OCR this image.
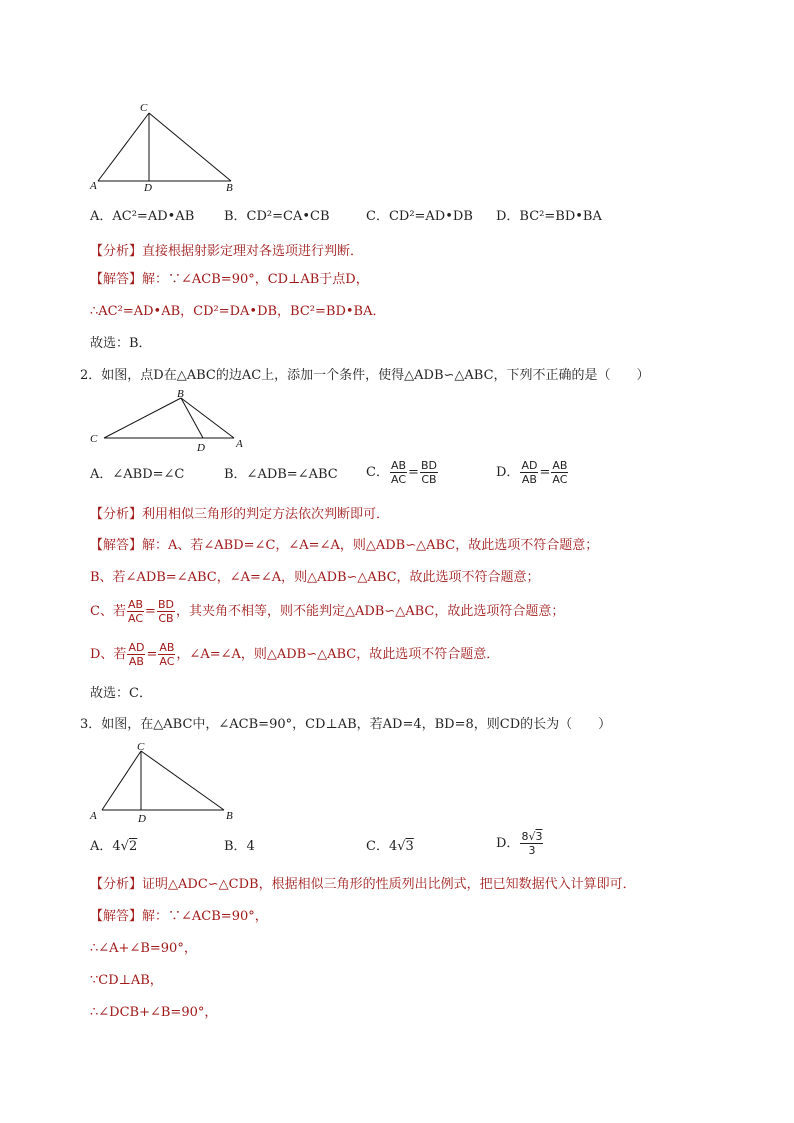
C
A	D	B
A．AC²=AD•AB B．CD²=CA•CB	C．CD²=AD•DB D．BC²=BD•BA
【分析】直接根据射影定理对各选项进行判断．
【解答】解：∵∠ACB=90°，CD⊥AB于点D，
∴AC²=AD•AB，CD²=DA•DB，BC²=BD•BA．
故选：B．
2．如图，点D在△ABC的边AC上，添加一个条件，使得△ADB∽△ABC，下列不正确的是（　　）
B
C
D	A
A．∠ABD=∠C	B．∠ADB=∠ABC C． $\frac{AB}{AC} = \frac{BD}{CB}$	D． $\frac{AD}{AB} = \frac{AB}{AC}$
【分析】利用相似三角形的判定方法依次判断即可．
【解答】解：A、若∠ABD=∠C，∠A=∠A，则△ADB∽△ABC，故此选项不符合题意；
B、若∠ADB=∠ABC，∠A=∠A，则△ADB∽△ABC，故此选项不符合题意；
C、若 $\frac{AB}{AC} = \frac{BD}{CB}$ ，其夹角不相等，则不能判定△ADB∽△ABC，故此选项符合题意；
D、若 $\frac{AD}{AB} = \frac{AB}{AC}$ ，∠A=∠A，则△ADB∽△ABC，故此选项不符合题意．
故选：C．
3．如图，在△ABC中，∠ACB=90°，CD⊥AB，若AD=4，BD=8，则CD的长为（　　）
C
A	D	B
A．4√2	B．4	C．4√3	D． $\frac{8√3}{3}$
【分析】证明△ADC∽△CDB，根据相似三角形的性质列出比例式，把已知数据代入计算即可．
【解答】解：∵∠ACB=90°，
∴∠A+∠B=90°，
∵CD⊥AB，
∴∠DCB+∠B=90°，
